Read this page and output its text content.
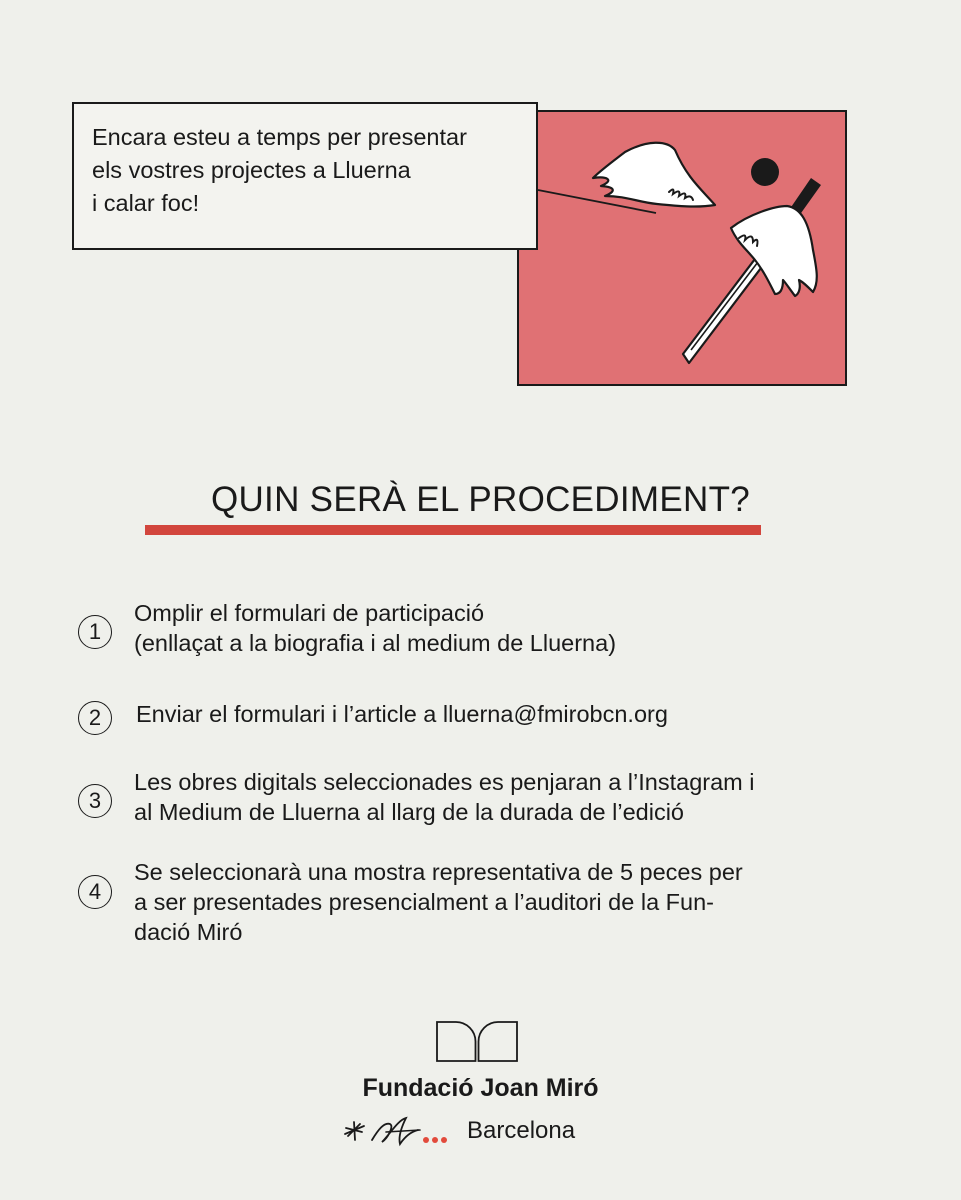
Encara esteu a temps per presentar
els vostres projectes a Lluerna
i calar foc!
QUIN SERÀ EL PROCEDIMENT?
1
Omplir el formulari de participació
(enllaçat a la biografia i al medium de Lluerna)
2	Enviar el formulari i l’article a lluerna@fmirobcn.org
3
Les obres digitals seleccionades es penjaran a l’Instagram i
al Medium de Lluerna al llarg de la durada de l’edició
4
Se seleccionarà una mostra representativa de 5 peces per
a ser presentades presencialment a l’auditori de la Fun-
dació Miró
Fundació Joan Miró
Barcelona
